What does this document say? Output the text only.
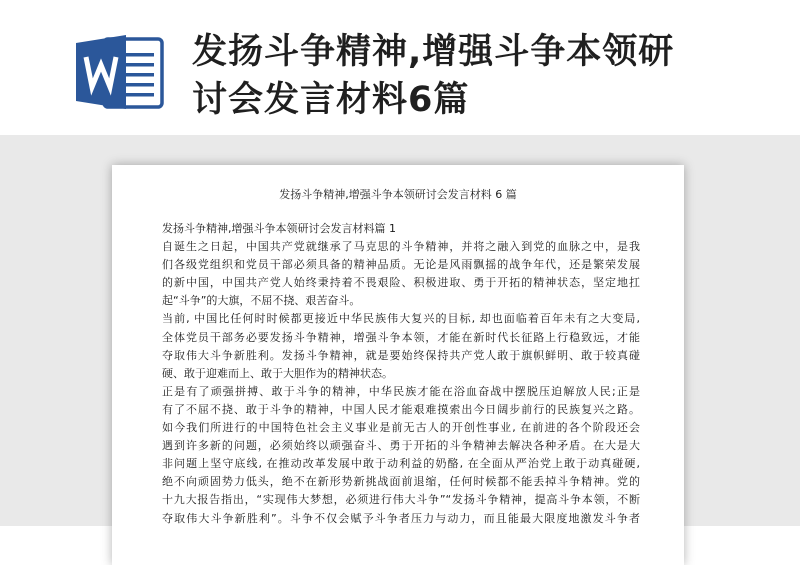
发扬斗争精神,增强斗争本领研
讨会发言材料6篇
发扬斗争精神,增强斗争本领研讨会发言材料 6 篇

发扬斗争精神,增强斗争本领研讨会发言材料篇 1

自诞生之日起，中国共产党就继承了马克思的斗争精神，并将之融入到党的血脉之中，是我
们各级党组织和党员干部必须具备的精神品质。无论是风雨飘摇的战争年代，还是繁荣发展
的新中国，中国共产党人始终秉持着不畏艰险、积极进取、勇于开拓的精神状态，坚定地扛
起“斗争”的大旗，不屈不挠、艰苦奋斗。

当前, 中国比任何时时候都更接近中华民族伟大复兴的目标, 却也面临着百年未有之大变局,
全体党员干部务必要发扬斗争精神，增强斗争本领，才能在新时代长征路上行稳致远，才能
夺取伟大斗争新胜利。发扬斗争精神，就是要始终保持共产党人敢于旗帜鲜明、敢于较真碰
硬、敢于迎难而上、敢于大胆作为的精神状态。

正是有了顽强拼搏、敢于斗争的精神，中华民族才能在浴血奋战中摆脱压迫解放人民;正是
有了不屈不挠、敢于斗争的精神，中国人民才能艰难摸索出今日阔步前行的民族复兴之路。
如今我们所进行的中国特色社会主义事业是前无古人的开创性事业, 在前进的各个阶段还会
遇到许多新的问题，必须始终以顽强奋斗、勇于开拓的斗争精神去解决各种矛盾。在大是大
非问题上坚守底线, 在推动改革发展中敢于动利益的奶酪, 在全面从严治党上敢于动真碰硬,
绝不向顽固势力低头，绝不在新形势新挑战面前退缩，任何时候都不能丢掉斗争精神。党的
十九大报告指出，“实现伟大梦想，必须进行伟大斗争”“发扬斗争精神，提高斗争本领，不断
夺取伟大斗争新胜利”。斗争不仅会赋予斗争者压力与动力，而且能最大限度地激发斗争者
